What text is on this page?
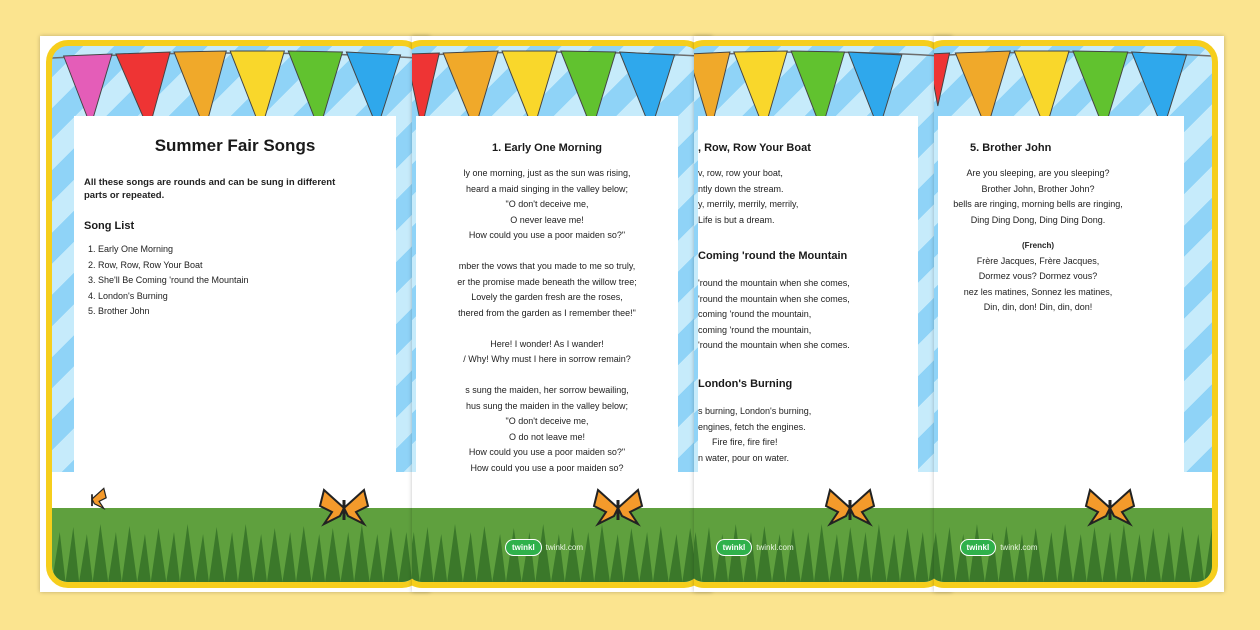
Summer Fair Songs
All these songs are rounds and can be sung in different parts or repeated.
Song List
1. Early One Morning
2. Row, Row, Row Your Boat
3. She'll Be Coming 'round the Mountain
4. London's Burning
5. Brother John
1. Early One Morning
ly one morning, just as the sun was rising,
heard a maid singing in the valley below;
"O don't deceive me,
O never leave me!
How could you use a poor maiden so?"
mber the vows that you made to me so truly,
er the promise made beneath the willow tree;
Lovely the garden fresh are the roses,
thered from the garden as I remember thee!"
Here! I wonder! As I wander!
/ Why! Why must I here in sorrow remain?
s sung the maiden, her sorrow bewailing,
hus sung the maiden in the valley below;
"O don't deceive me,
O do not leave me!
How could you use a poor maiden so?"
How could you use a poor maiden so?
twinkl twinkl.com
, Row, Row Your Boat
v, row, row your boat,
ntly down the stream.
y, merrily, merrily, merrily,
Life is but a dream.
Coming 'round the Mountain
'round the mountain when she comes,
'round the mountain when she comes,
coming 'round the mountain,
coming 'round the mountain,
'round the mountain when she comes.
London's Burning
s burning, London's burning,
engines, fetch the engines.
Fire fire, fire fire!
n water, pour on water.
twinkl twinkl.com
5. Brother John
Are you sleeping, are you sleeping?
Brother John, Brother John?
bells are ringing, morning bells are ringing,
Ding Ding Dong, Ding Ding Dong.
(French)
Frère Jacques, Frère Jacques,
Dormez vous? Dormez vous?
nez les matines, Sonnez les matines,
Din, din, don! Din, din, don!
twinkl twinkl.com
